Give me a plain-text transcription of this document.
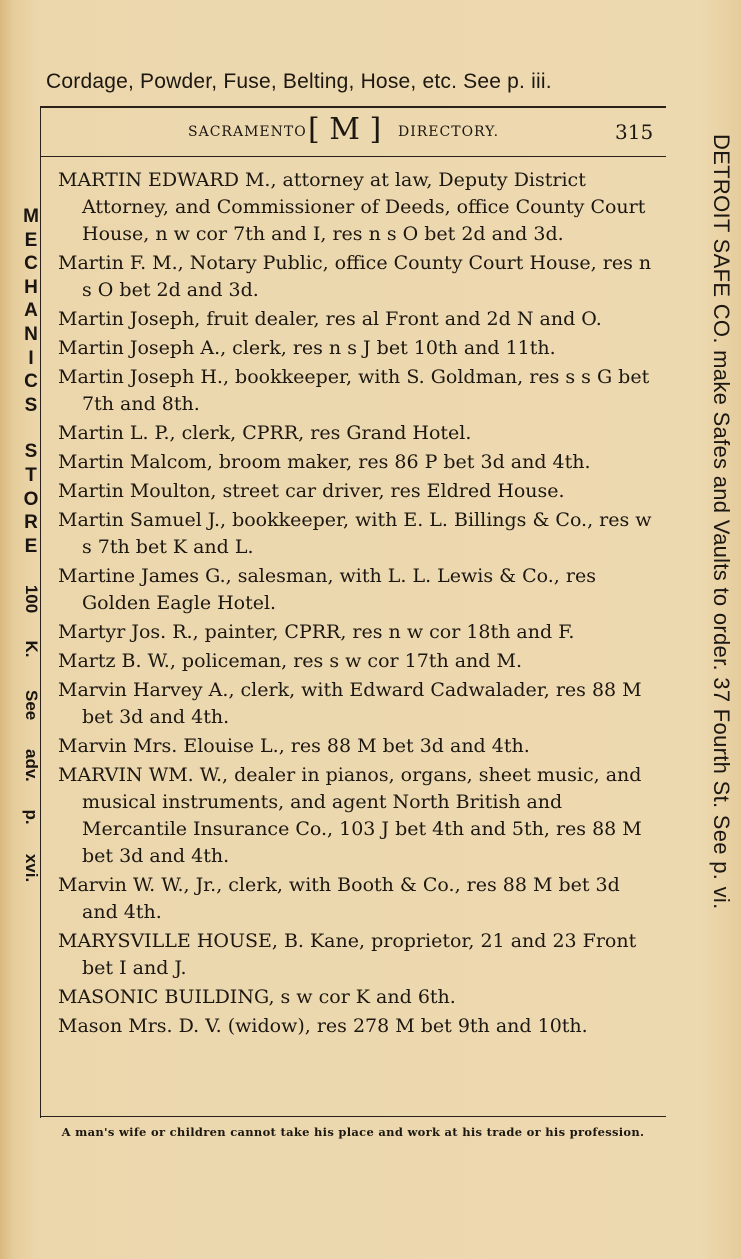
Cordage, Powder, Fuse, Belting, Hose, etc. See p. iii.
SACRAMENTO [ M ] DIRECTORY.	315

MARTIN EDWARD M., attorney at law, Deputy District Attorney, and Commissioner of Deeds, office County Court House, n w cor 7th and I, res n s O bet 2d and 3d.

Martin F. M., Notary Public, office County Court House, res n s O bet 2d and 3d.

Martin Joseph, fruit dealer, res al Front and 2d N and O.

Martin Joseph A., clerk, res n s J bet 10th and 11th.

Martin Joseph H., bookkeeper, with S. Goldman, res s s G bet 7th and 8th.

Martin L. P., clerk, CPRR, res Grand Hotel.

Martin Malcom, broom maker, res 86 P bet 3d and 4th.

Martin Moulton, street car driver, res Eldred House.

Martin Samuel J., bookkeeper, with E. L. Billings & Co., res w s 7th bet K and L.

Martine James G., salesman, with L. L. Lewis & Co., res Golden Eagle Hotel.

Martyr Jos. R., painter, CPRR, res n w cor 18th and F.

Martz B. W., policeman, res s w cor 17th and M.

Marvin Harvey A., clerk, with Edward Cadwalader, res 88 M bet 3d and 4th.

Marvin Mrs. Elouise L., res 88 M bet 3d and 4th.

MARVIN WM. W., dealer in pianos, organs, sheet music, and musical instruments, and agent North British and Mercantile Insurance Co., 103 J bet 4th and 5th, res 88 M bet 3d and 4th.

Marvin W. W., Jr., clerk, with Booth & Co., res 88 M bet 3d and 4th.

MARYSVILLE HOUSE, B. Kane, proprietor, 21 and 23 Front bet I and J.

MASONIC BUILDING, s w cor K and 6th.

Mason Mrs. D. V. (widow), res 278 M bet 9th and 10th.

A man's wife or children cannot take his place and work at his trade or his profession.
M
E
C
H
A
N
I
C
S
S
T
O
R
E
100
K.
See
adv.
p.
xvi.	DETROIT SAFE CO. make Safes and Vaults to order. 37 Fourth St. See p. vi.
